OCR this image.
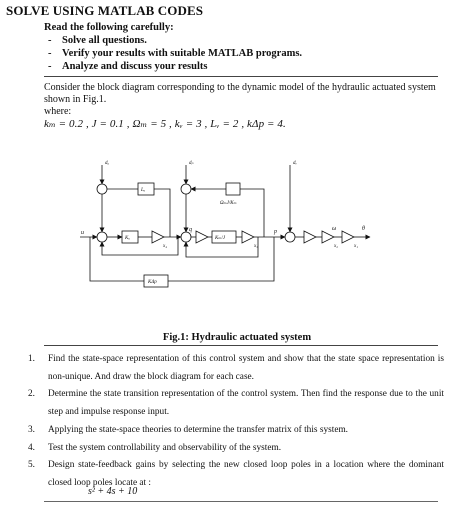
SOLVE USING MATLAB CODES
Read the following carefully:
- Solve all questions.
- Verify your results with suitable MATLAB programs.
- Analyze and discuss your results
Consider the block diagram corresponding to the dynamic model of the hydraulic actuated system shown in Fig.1.
where:
kₘ = 0.2 , J = 0.1 , Ωₘ = 5 , kᵥ = 3 , Lᵥ = 2 , kΔp = 4.
dₐ	dₚ	dᵥ
u	q	p	ω	θ
x₄	x₃	x₂	x₁
Lᵤ
Kᵤ	Kₘ/J
ΩₘJ/Kₘ
KΔp
Fig.1: Hydraulic actuated system
1. Find the state-space representation of this control system and show that the state space representation is non-unique. And draw the block diagram for each case.
2. Determine the state transition representation of the control system. Then find the response due to the unit step and impulse response input.
3. Applying the state-space theories to determine the transfer matrix of this system.
4. Test the system controllability and observability of the system.
5. Design state-feedback gains by selecting the new closed loop poles in a location where the dominant closed loop poles locate at :
s² + 4s + 10
